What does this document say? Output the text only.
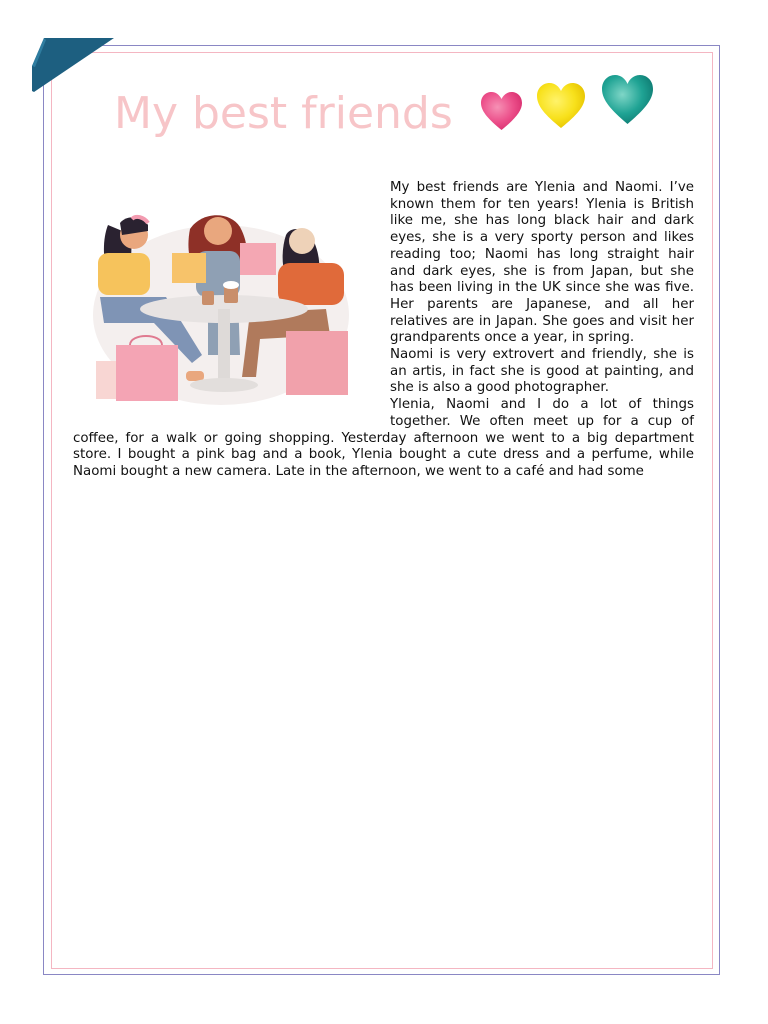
My best friends

My best friends are Ylenia and Naomi. I’ve known them for ten years! Ylenia is British like me, she has long black hair and dark eyes, she is a very sporty person and likes reading too; Naomi has long straight hair and dark eyes, she is from Japan, but she has been living in the UK since she was five. Her parents are Japanese, and all her relatives are in Japan. She goes and visit her grandparents once a year, in spring.

Naomi is very extrovert and friendly, she is an artis, in fact she is good at painting, and she is also a good photographer.

Ylenia, Naomi and I do a lot of things together. We often meet up for a cup of coffee, for a walk or going shopping. Yesterday afternoon we went to a big department store. I bought a pink bag and a book, Ylenia bought a cute dress and a perfume, while Naomi bought a new camera. Late in the afternoon, we went to a café and had some
